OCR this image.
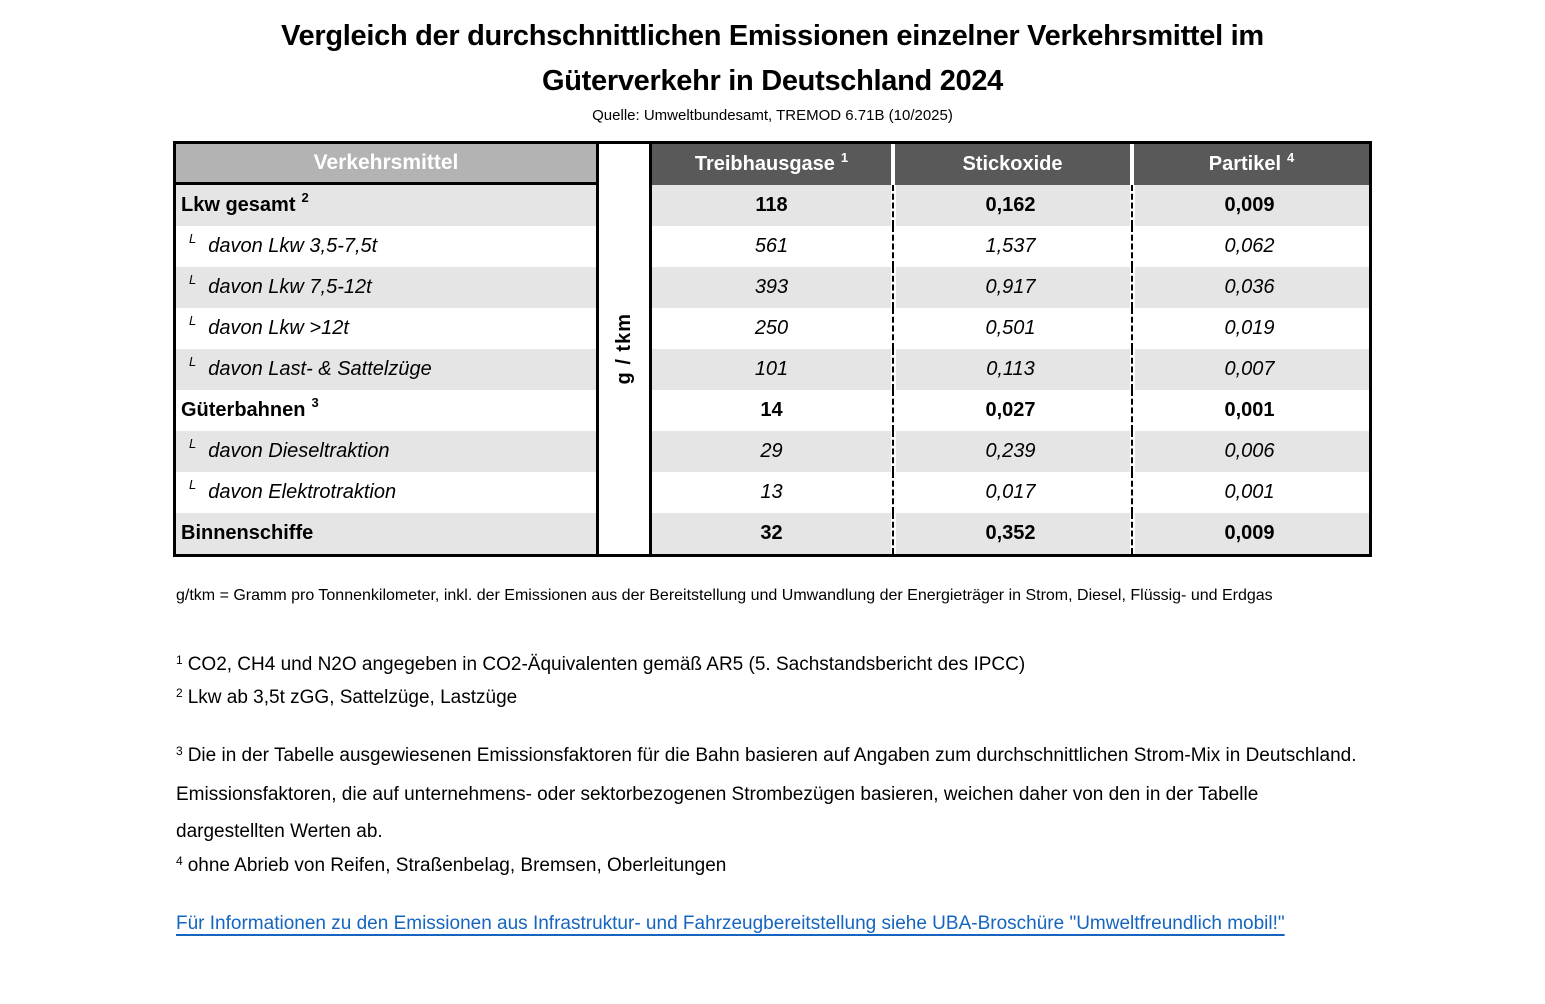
Vergleich der durchschnittlichen Emissionen einzelner Verkehrsmittel im Güterverkehr in Deutschland 2024
Quelle: Umweltbundesamt, TREMOD 6.71B (10/2025)
Verkehrsmittel
g / tkm
Treibhausgase 1	Stickoxide	Partikel 4
Lkw gesamt 2	118	0,162	0,009
L davon Lkw 3,5-7,5t	561	1,537	0,062
L davon Lkw 7,5-12t	393	0,917	0,036
L davon Lkw >12t	250	0,501	0,019
L davon Last- & Sattelzüge	101	0,113	0,007
Güterbahnen 3	14	0,027	0,001
L davon Dieseltraktion	29	0,239	0,006
L davon Elektrotraktion	13	0,017	0,001
Binnenschiffe	32	0,352	0,009
g/tkm = Gramm pro Tonnenkilometer, inkl. der Emissionen aus der Bereitstellung und Umwandlung der Energieträger in Strom, Diesel, Flüssig- und Erdgas
$^1$ CO2, CH4 und N2O angegeben in CO2-Äquivalenten gemäß AR5 (5. Sachstandsbericht des IPCC)
$^2$ Lkw ab 3,5t zGG, Sattelzüge, Lastzüge
$^3$ Die in der Tabelle ausgewiesenen Emissionsfaktoren für die Bahn basieren auf Angaben zum durchschnittlichen Strom-Mix in Deutschland. Emissionsfaktoren, die auf unternehmens- oder sektorbezogenen Strombezügen basieren, weichen daher von den in der Tabelle dargestellten Werten ab.
$^4$ ohne Abrieb von Reifen, Straßenbelag, Bremsen, Oberleitungen
Für Informationen zu den Emissionen aus Infrastruktur- und Fahrzeugbereitstellung siehe UBA-Broschüre "Umweltfreundlich mobil!"
